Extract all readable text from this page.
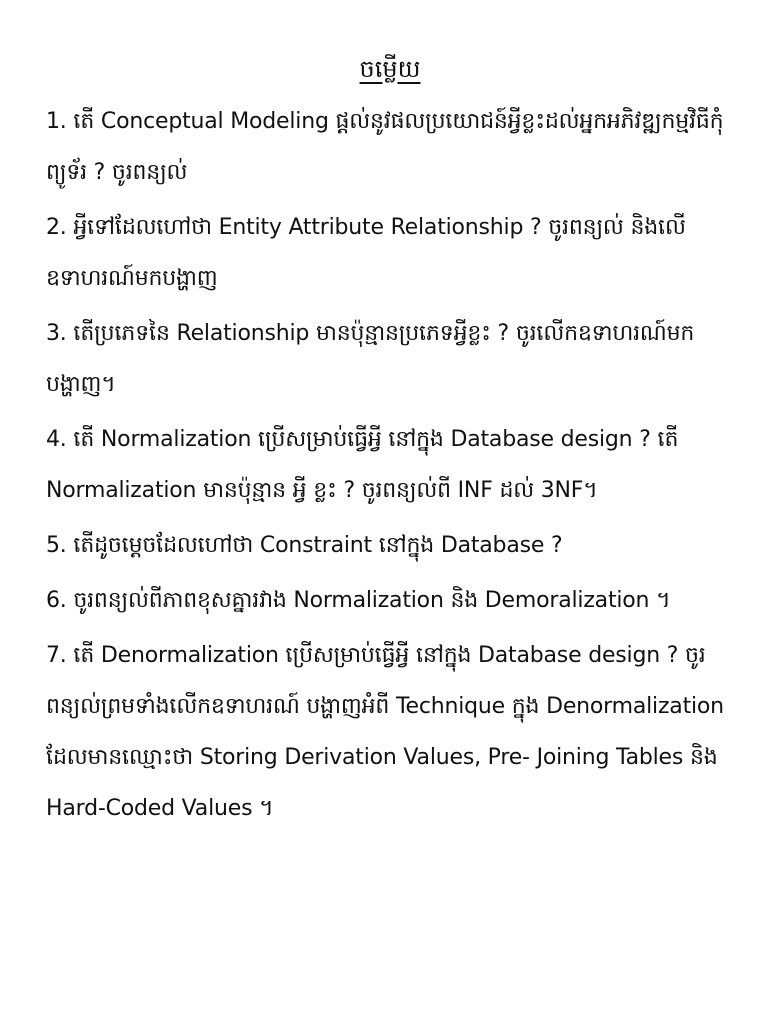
ចម្លើយ
1. តើ Conceptual Modeling ផ្តល់នូវផលប្រយោជន៍អ្វីខ្លះដល់អ្នកអភិវឌ្ឍកម្មវិធីកុំព្យូទ័រ ? ចូរពន្យល់
2. អ្វីទៅដែលហៅថា Entity Attribute Relationship ? ចូរពន្យល់ និងលើឧទាហរណ៍មកបង្ហាញ
3. តើប្រភេទនៃ Relationship មានប៉ុន្មានប្រភេទអ្វីខ្លះ ? ចូរលើកឧទាហរណ៍មកបង្ហាញ។
4. តើ Normalization ប្រើសម្រាប់ធ្វើអ្វី នៅក្នុង Database design ? តើ Normalization មានប៉ុន្មាន អ្វី ខ្លះ ? ចូរពន្យល់ពី INF ដល់ 3NF។
5. តើដូចម្តេចដែលហៅថា Constraint នៅក្នុង Database ?
6. ចូរពន្យល់ពីភាពខុសគ្នារវាង Normalization និង Demoralization ។
7. តើ Denormalization ប្រើសម្រាប់ធ្វើអ្វី នៅក្នុង Database design ? ចូរពន្យល់ព្រមទាំងលើកឧទាហរណ៍ បង្ហាញអំពី Technique ក្នុង Denormalization ដែលមានឈ្មោះថា Storing Derivation Values, Pre- Joining Tables និង Hard-Coded Values ។
